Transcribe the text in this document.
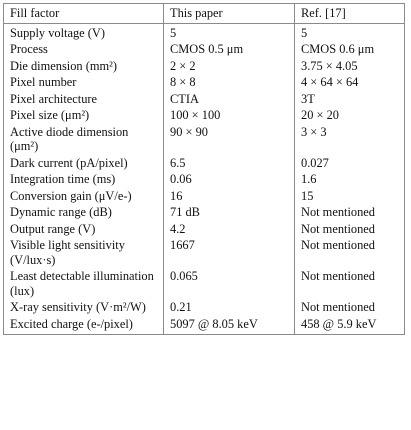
Fill factor	This paper	Ref. [17]
Supply voltage (V)	5	5
Process	CMOS 0.5 μm	CMOS 0.6 μm
Die dimension (mm²)	2 × 2	3.75 × 4.05
Pixel number	8 × 8	4 × 64 × 64
Pixel architecture	CTIA	3T
Pixel size (μm²)	100 × 100	20 × 20
Active diode dimension (μm²)	90 × 90	3 × 3
Dark current (pA/pixel)	6.5	0.027
Integration time (ms)	0.06	1.6
Conversion gain (μV/e-)	16	15
Dynamic range (dB)	71 dB	Not mentioned
Output range (V)	4.2	Not mentioned
Visible light sensitivity (V/lux·s)	1667	Not mentioned
Least detectable illumination (lux)	0.065	Not mentioned
X-ray sensitivity (V·m²/W)	0.21	Not mentioned
Excited charge (e-/pixel)	5097 @ 8.05 keV	458 @ 5.9 keV
